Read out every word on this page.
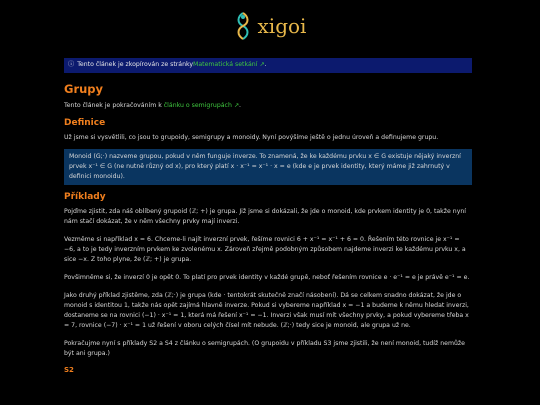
xigoi
ⓘ Tento článek je zkopírován ze stránky Matematická setkání ↗ .
Grupy

Tento článek je pokračováním k článku o semigrupách ↗.

Definice

Už jsme si vysvětlili, co jsou to grupoidy, semigrupy a monoidy. Nyní povýšíme ještě o jednu úroveň a definujeme grupu.

Monoid (G;·) nazveme grupou, pokud v něm funguje inverze. To znamená, že ke každému prvku x ∈ G existuje nějaký inverzní prvek x⁻¹ ∈ G (ne nutně různý od x), pro který platí x · x⁻¹ = x⁻¹ · x = e (kde e je prvek identity, který máme již zahrnutý v definici monoidu).
Příklady

Pojďme zjistit, zda náš oblíbený grupoid (ℤ; +) je grupa. Již jsme si dokázali, že jde o monoid, kde prvkem identity je 0, takže nyní nám stačí dokázat, že v něm všechny prvky mají inverzi.

Vezměme si například x = 6. Chceme-li najít inverzní prvek, řešíme rovnici 6 + x⁻¹ = x⁻¹ + 6 = 0. Řešením této rovnice je x⁻¹ = −6, a to je tedy inverzním prvkem ke zvolenému x. Zároveň zřejmě podobným způsobem najdeme inverzi ke každému prvku x, a sice −x. Z toho plyne, že (ℤ; +) je grupa.

Povšimněme si, že inverzí 0 je opět 0. To platí pro prvek identity v každé grupě, neboť řešením rovnice e · e⁻¹ = e je právě e⁻¹ = e.

Jako druhý příklad zjistěme, zda (ℤ;·) je grupa (kde · tentokrát skutečně značí násobení). Dá se celkem snadno dokázat, že jde o monoid s identitou 1, takže nás opět zajímá hlavně inverze. Pokud si vybereme například x = −1 a budeme k němu hledat inverzi, dostaneme se na rovnici (−1) · x⁻¹ = 1, která má řešení x⁻¹ = −1. Inverzi však musí mít všechny prvky, a pokud vybereme třeba x = 7, rovnice (−7) · x⁻¹ = 1 už řešení v oboru celých čísel mít nebude. (ℤ;·) tedy sice je monoid, ale grupa už ne.

Pokračujme nyní s příklady S2 a S4 z článku o semigrupách. (O grupoidu v příkladu S3 jsme zjistili, že není monoid, tudíž nemůže být ani grupa.)

S2
